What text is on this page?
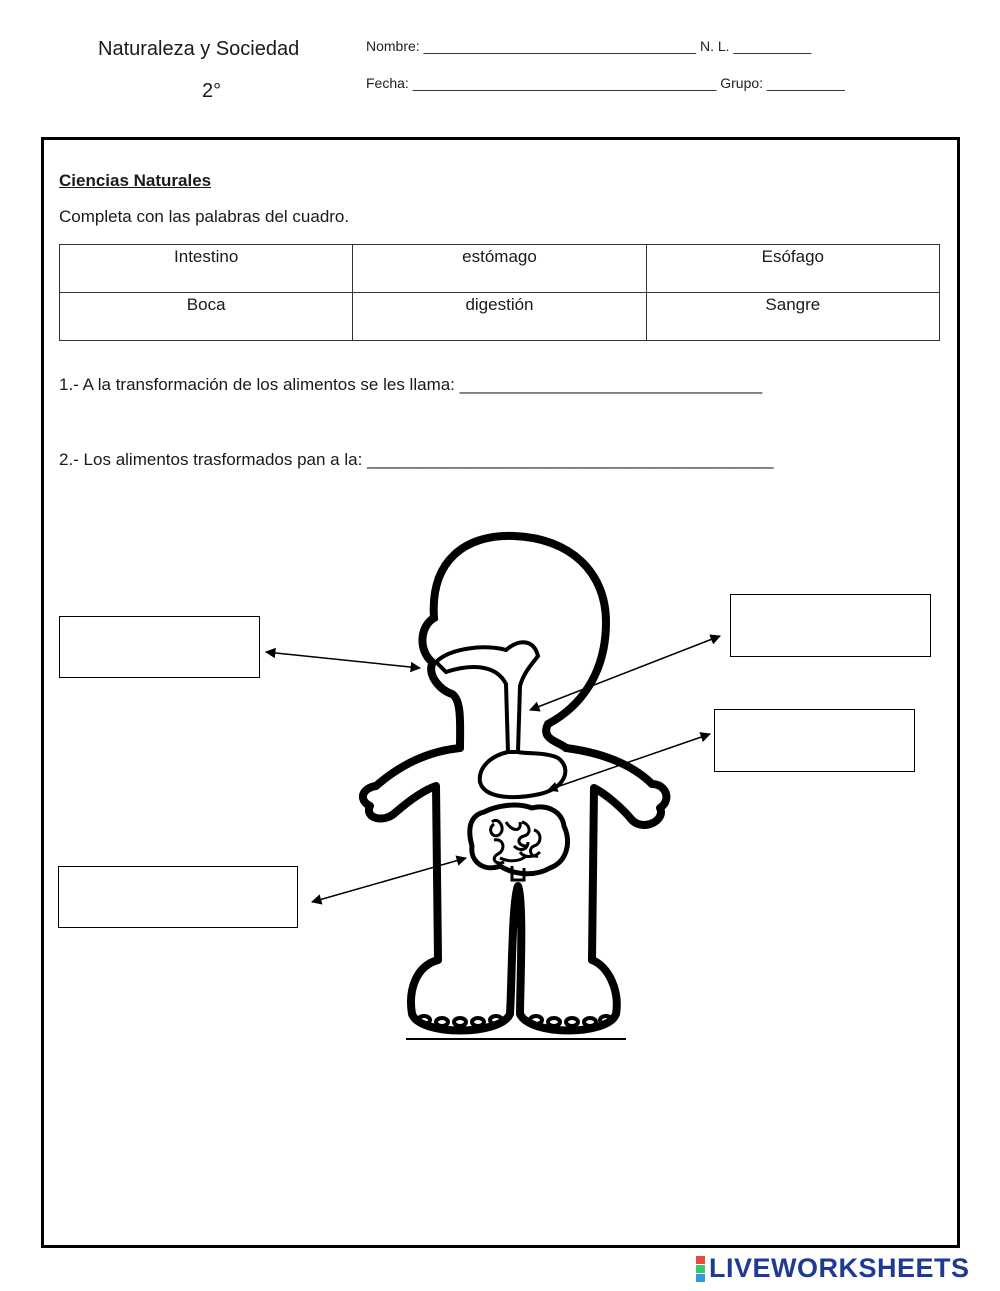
Naturaleza y Sociedad
2°
Nombre: ___________________________________ N. L. __________
Fecha: _______________________________________ Grupo: __________
Ciencias Naturales
Completa con las palabras del cuadro.
Intestino	estómago	Esófago
Boca	digestión	Sangre
1.- A la transformación de los alimentos se les llama: ________________________________
2.- Los alimentos trasformados pan a la: ___________________________________________
LIVEWORKSHEETS
